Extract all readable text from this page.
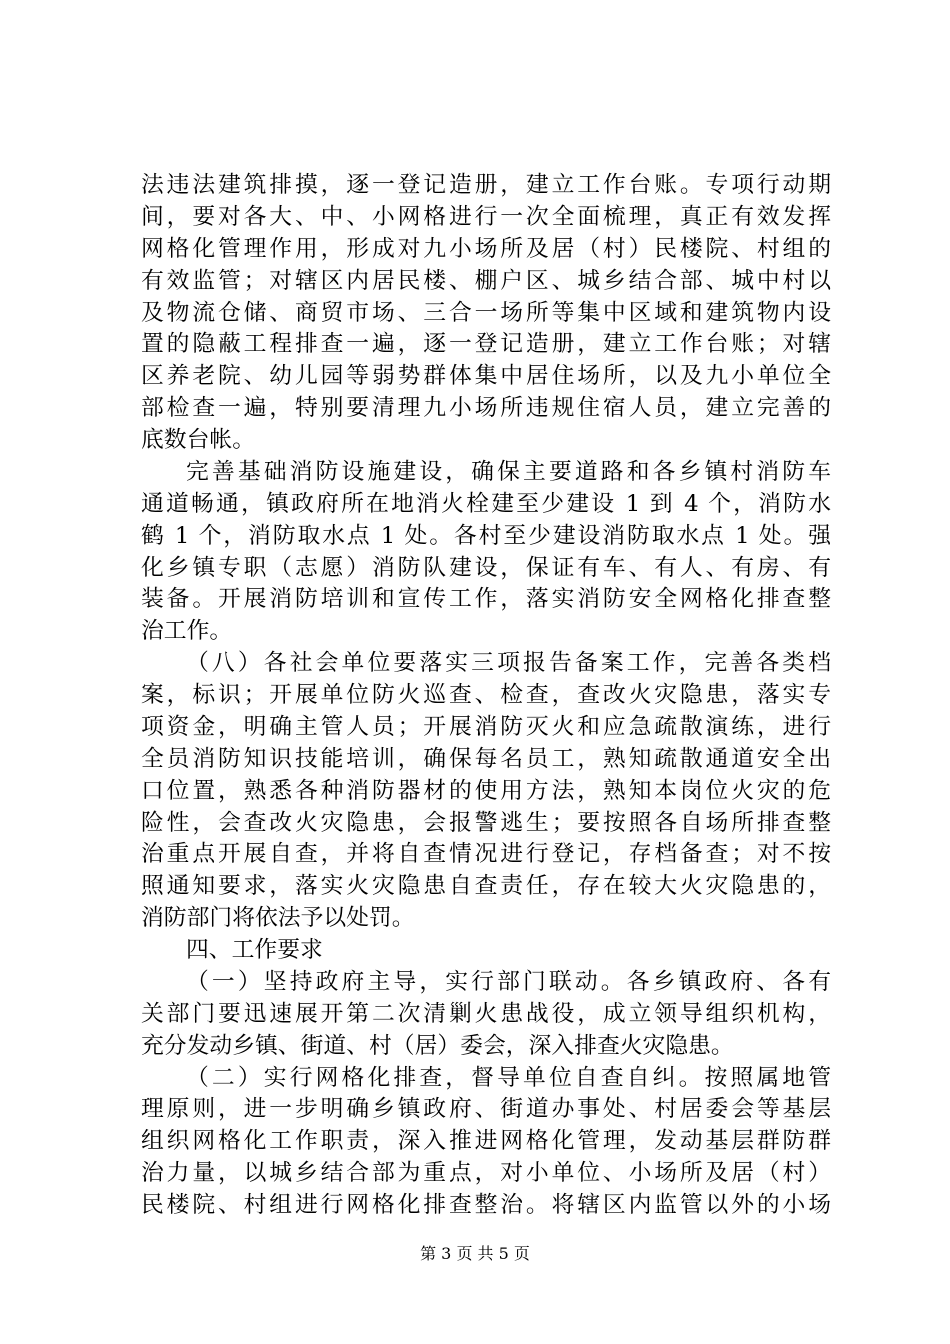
法违法建筑排摸，逐一登记造册，建立工作台账。专项行动期
间，要对各大、中、小网格进行一次全面梳理，真正有效发挥
网格化管理作用，形成对九小场所及居（村）民楼院、村组的
有效监管；对辖区内居民楼、棚户区、城乡结合部、城中村以
及物流仓储、商贸市场、三合一场所等集中区域和建筑物内设
置的隐蔽工程排查一遍，逐一登记造册，建立工作台账；对辖
区养老院、幼儿园等弱势群体集中居住场所，以及九小单位全
部检查一遍，特别要清理九小场所违规住宿人员，建立完善的
底数台帐。
完善基础消防设施建设，确保主要道路和各乡镇村消防车
通道畅通，镇政府所在地消火栓建至少建设 1 到 4 个，消防水
鹤 1 个，消防取水点 1 处。各村至少建设消防取水点 1 处。强
化乡镇专职（志愿）消防队建设，保证有车、有人、有房、有
装备。开展消防培训和宣传工作，落实消防安全网格化排查整
治工作。
（八）各社会单位要落实三项报告备案工作，完善各类档
案，标识；开展单位防火巡查、检查，查改火灾隐患，落实专
项资金，明确主管人员；开展消防灭火和应急疏散演练，进行
全员消防知识技能培训，确保每名员工，熟知疏散通道安全出
口位置，熟悉各种消防器材的使用方法，熟知本岗位火灾的危
险性，会查改火灾隐患，会报警逃生；要按照各自场所排查整
治重点开展自查，并将自查情况进行登记，存档备查；对不按
照通知要求，落实火灾隐患自查责任，存在较大火灾隐患的，
消防部门将依法予以处罚。
四、工作要求
（一）坚持政府主导，实行部门联动。各乡镇政府、各有
关部门要迅速展开第二次清剿火患战役，成立领导组织机构，
充分发动乡镇、街道、村（居）委会，深入排查火灾隐患。
（二）实行网格化排查，督导单位自查自纠。按照属地管
理原则，进一步明确乡镇政府、街道办事处、村居委会等基层
组织网格化工作职责，深入推进网格化管理，发动基层群防群
治力量，以城乡结合部为重点，对小单位、小场所及居（村）
民楼院、村组进行网格化排查整治。将辖区内监管以外的小场
第 3 页 共 5 页
